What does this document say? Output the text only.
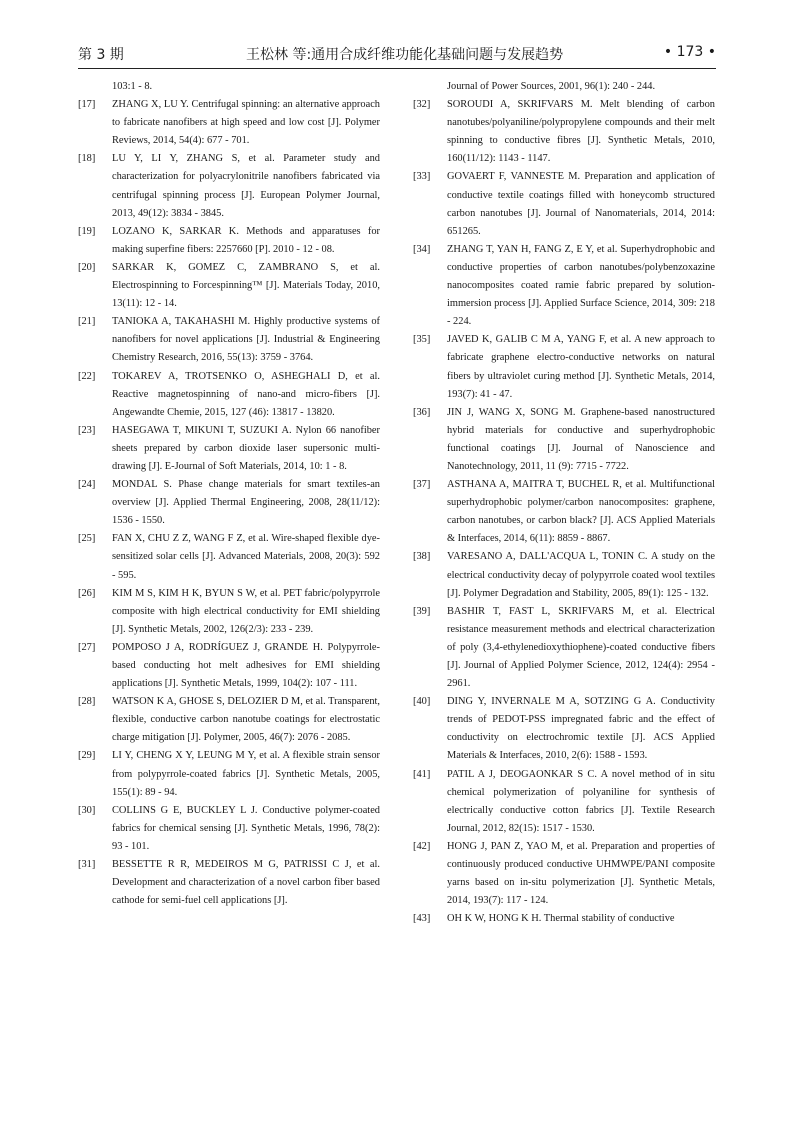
第 3 期	王松林 等:通用合成纤维功能化基础问题与发展趋势	• 173 •
103:1 - 8.
[17] ZHANG X, LU Y. Centrifugal spinning: an alternative approach to fabricate nanofibers at high speed and low cost [J]. Polymer Reviews, 2014, 54(4): 677 - 701.
[18] LU Y, LI Y, ZHANG S, et al. Parameter study and characterization for polyacrylonitrile nanofibers fabricated via centrifugal spinning process [J]. European Polymer Journal, 2013, 49(12): 3834 - 3845.
[19] LOZANO K, SARKAR K. Methods and apparatuses for making superfine fibers: 2257660 [P]. 2010 - 12 - 08.
[20] SARKAR K, GOMEZ C, ZAMBRANO S, et al. Electrospinning to Forcespinning™ [J]. Materials Today, 2010, 13(11): 12 - 14.
[21] TANIOKA A, TAKAHASHI M. Highly productive systems of nanofibers for novel applications [J]. Industrial & Engineering Chemistry Research, 2016, 55(13): 3759 - 3764.
[22] TOKAREV A, TROTSENKO O, ASHEGHALI D, et al. Reactive magnetospinning of nano-and micro-fibers [J]. Angewandte Chemie, 2015, 127 (46): 13817 - 13820.
[23] HASEGAWA T, MIKUNI T, SUZUKI A. Nylon 66 nanofiber sheets prepared by carbon dioxide laser supersonic multi-drawing [J]. E-Journal of Soft Materials, 2014, 10: 1 - 8.
[24] MONDAL S. Phase change materials for smart textiles-an overview [J]. Applied Thermal Engineering, 2008, 28(11/12): 1536 - 1550.
[25] FAN X, CHU Z Z, WANG F Z, et al. Wire-shaped flexible dye-sensitized solar cells [J]. Advanced Materials, 2008, 20(3): 592 - 595.
[26] KIM M S, KIM H K, BYUN S W, et al. PET fabric/polypyrrole composite with high electrical conductivity for EMI shielding [J]. Synthetic Metals, 2002, 126(2/3): 233 - 239.
[27] POMPOSO J A, RODRÍGUEZ J, GRANDE H. Polypyrrole-based conducting hot melt adhesives for EMI shielding applications [J]. Synthetic Metals, 1999, 104(2): 107 - 111.
[28] WATSON K A, GHOSE S, DELOZIER D M, et al. Transparent, flexible, conductive carbon nanotube coatings for electrostatic charge mitigation [J]. Polymer, 2005, 46(7): 2076 - 2085.
[29] LI Y, CHENG X Y, LEUNG M Y, et al. A flexible strain sensor from polypyrrole-coated fabrics [J]. Synthetic Metals, 2005, 155(1): 89 - 94.
[30] COLLINS G E, BUCKLEY L J. Conductive polymer-coated fabrics for chemical sensing [J]. Synthetic Metals, 1996, 78(2): 93 - 101.
[31] BESSETTE R R, MEDEIROS M G, PATRISSI C J, et al. Development and characterization of a novel carbon fiber based cathode for semi-fuel cell applications [J].
Journal of Power Sources, 2001, 96(1): 240 - 244.
[32] SOROUDI A, SKRIFVARS M. Melt blending of carbon nanotubes/polyaniline/polypropylene compounds and their melt spinning to conductive fibres [J]. Synthetic Metals, 2010, 160(11/12): 1143 - 1147.
[33] GOVAERT F, VANNESTE M. Preparation and application of conductive textile coatings filled with honeycomb structured carbon nanotubes [J]. Journal of Nanomaterials, 2014, 2014: 651265.
[34] ZHANG T, YAN H, FANG Z, E Y, et al. Superhydrophobic and conductive properties of carbon nanotubes/polybenzoxazine nanocomposites coated ramie fabric prepared by solution-immersion process [J]. Applied Surface Science, 2014, 309: 218 - 224.
[35] JAVED K, GALIB C M A, YANG F, et al. A new approach to fabricate graphene electro-conductive networks on natural fibers by ultraviolet curing method [J]. Synthetic Metals, 2014, 193(7): 41 - 47.
[36] JIN J, WANG X, SONG M. Graphene-based nanostructured hybrid materials for conductive and superhydrophobic functional coatings [J]. Journal of Nanoscience and Nanotechnology, 2011, 11 (9): 7715 - 7722.
[37] ASTHANA A, MAITRA T, BUCHEL R, et al. Multifunctional superhydrophobic polymer/carbon nanocomposites: graphene, carbon nanotubes, or carbon black? [J]. ACS Applied Materials & Interfaces, 2014, 6(11): 8859 - 8867.
[38] VARESANO A, DALL'ACQUA L, TONIN C. A study on the electrical conductivity decay of polypyrrole coated wool textiles [J]. Polymer Degradation and Stability, 2005, 89(1): 125 - 132.
[39] BASHIR T, FAST L, SKRIFVARS M, et al. Electrical resistance measurement methods and electrical characterization of poly (3,4-ethylenedioxythiophene)-coated conductive fibers [J]. Journal of Applied Polymer Science, 2012, 124(4): 2954 - 2961.
[40] DING Y, INVERNALE M A, SOTZING G A. Conductivity trends of PEDOT-PSS impregnated fabric and the effect of conductivity on electrochromic textile [J]. ACS Applied Materials & Interfaces, 2010, 2(6): 1588 - 1593.
[41] PATIL A J, DEOGAONKAR S C. A novel method of in situ chemical polymerization of polyaniline for synthesis of electrically conductive cotton fabrics [J]. Textile Research Journal, 2012, 82(15): 1517 - 1530.
[42] HONG J, PAN Z, YAO M, et al. Preparation and properties of continuously produced conductive UHMWPE/PANI composite yarns based on in-situ polymerization [J]. Synthetic Metals, 2014, 193(7): 117 - 124.
[43] OH K W, HONG K H. Thermal stability of conductive
